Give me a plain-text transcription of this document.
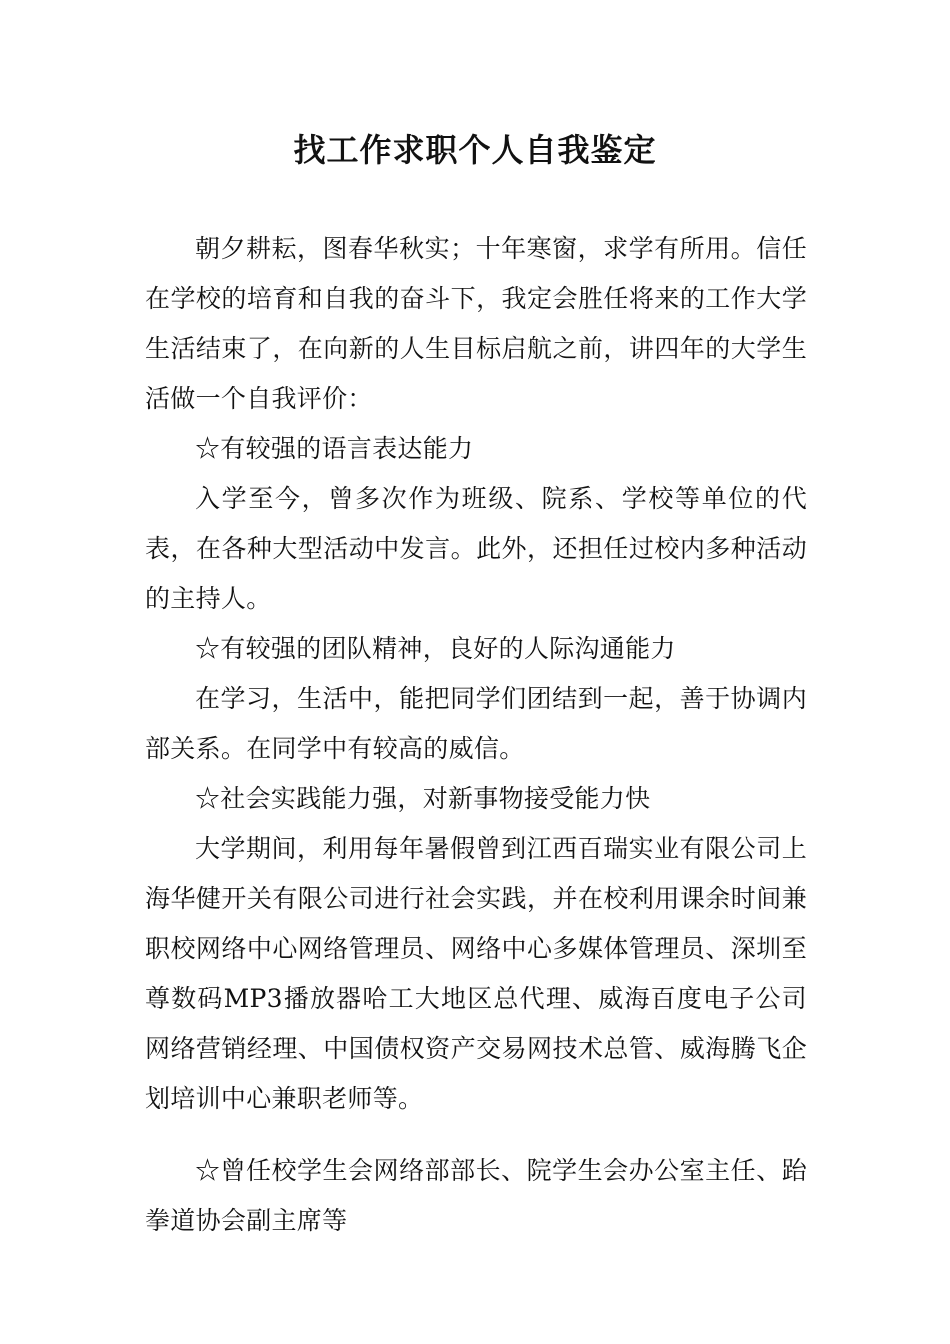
找工作求职个人自我鉴定

朝夕耕耘，图春华秋实；十年寒窗，求学有所用。信任在学校的培育和自我的奋斗下，我定会胜任将来的工作大学生活结束了，在向新的人生目标启航之前，讲四年的大学生活做一个自我评价：

☆有较强的语言表达能力

入学至今，曾多次作为班级、院系、学校等单位的代表，在各种大型活动中发言。此外，还担任过校内多种活动的主持人。

☆有较强的团队精神，良好的人际沟通能力

在学习，生活中，能把同学们团结到一起，善于协调内部关系。在同学中有较高的威信。

☆社会实践能力强，对新事物接受能力快

大学期间，利用每年暑假曾到江西百瑞实业有限公司上海华健开关有限公司进行社会实践，并在校利用课余时间兼职校网络中心网络管理员、网络中心多媒体管理员、深圳至尊数码MP3播放器哈工大地区总代理、威海百度电子公司网络营销经理、中国债权资产交易网技术总管、威海腾飞企划培训中心兼职老师等。

☆曾任校学生会网络部部长、院学生会办公室主任、跆拳道协会副主席等
